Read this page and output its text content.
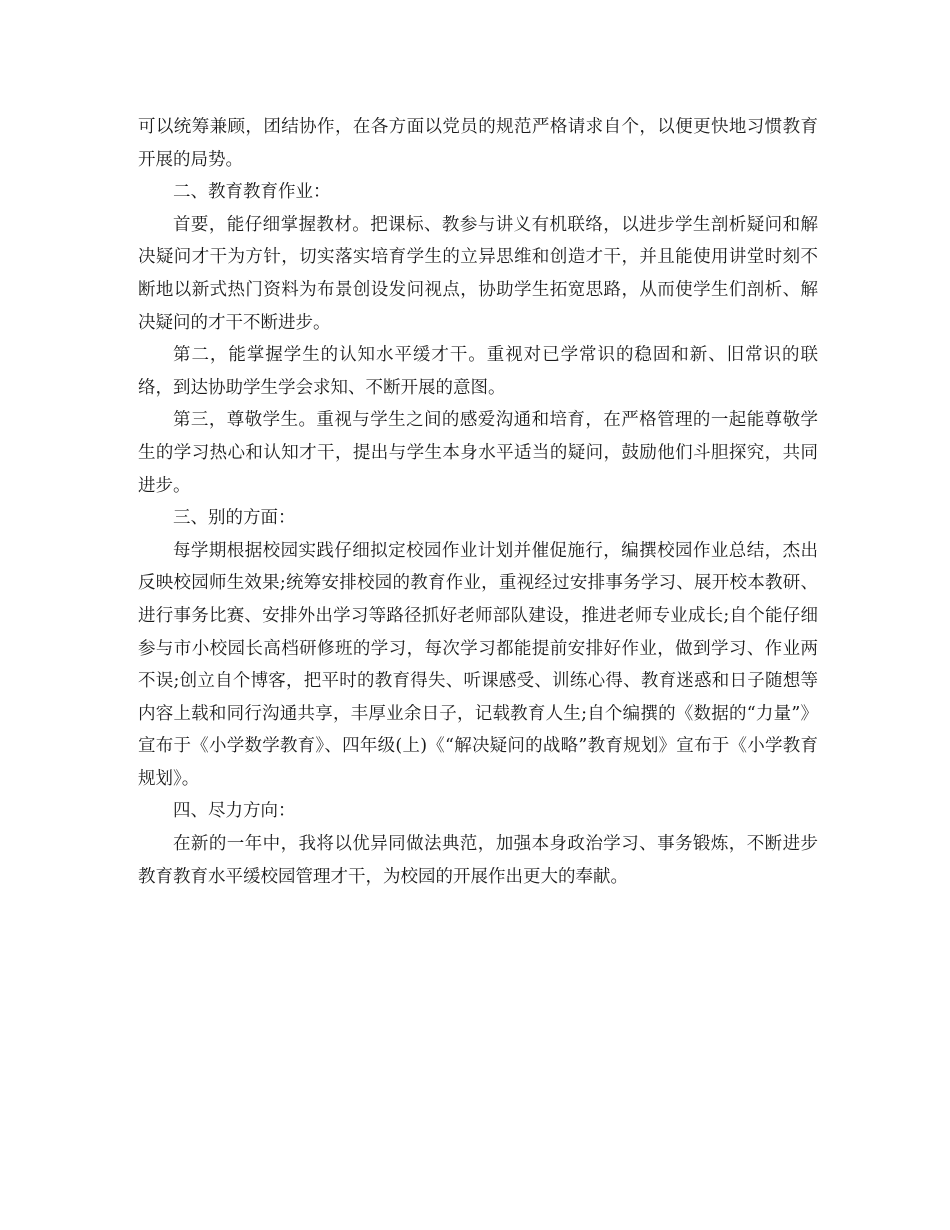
可以统筹兼顾，团结协作，在各方面以党员的规范严格请求自个，以便更快地习惯教育开展的局势。

二、教育教育作业：

首要，能仔细掌握教材。把课标、教参与讲义有机联络，以进步学生剖析疑问和解决疑问才干为方针，切实落实培育学生的立异思维和创造才干，并且能使用讲堂时刻不断地以新式热门资料为布景创设发问视点，协助学生拓宽思路，从而使学生们剖析、解决疑问的才干不断进步。

第二，能掌握学生的认知水平缓才干。重视对已学常识的稳固和新、旧常识的联络，到达协助学生学会求知、不断开展的意图。

第三，尊敬学生。重视与学生之间的感爱沟通和培育，在严格管理的一起能尊敬学生的学习热心和认知才干，提出与学生本身水平适当的疑问，鼓励他们斗胆探究，共同进步。

三、别的方面：

每学期根据校园实践仔细拟定校园作业计划并催促施行，编撰校园作业总结，杰出反映校园师生效果;统筹安排校园的教育作业，重视经过安排事务学习、展开校本教研、进行事务比赛、安排外出学习等路径抓好老师部队建设，推进老师专业成长;自个能仔细参与市小校园长高档研修班的学习，每次学习都能提前安排好作业，做到学习、作业两不误;创立自个博客，把平时的教育得失、听课感受、训练心得、教育迷惑和日子随想等内容上载和同行沟通共享，丰厚业余日子，记载教育人生;自个编撰的《数据的“力量”》宣布于《小学数学教育》、四年级(上)《“解决疑问的战略”教育规划》宣布于《小学教育规划》。

四、尽力方向：

在新的一年中，我将以优异同做法典范，加强本身政治学习、事务锻炼，不断进步教育教育水平缓校园管理才干，为校园的开展作出更大的奉献。
